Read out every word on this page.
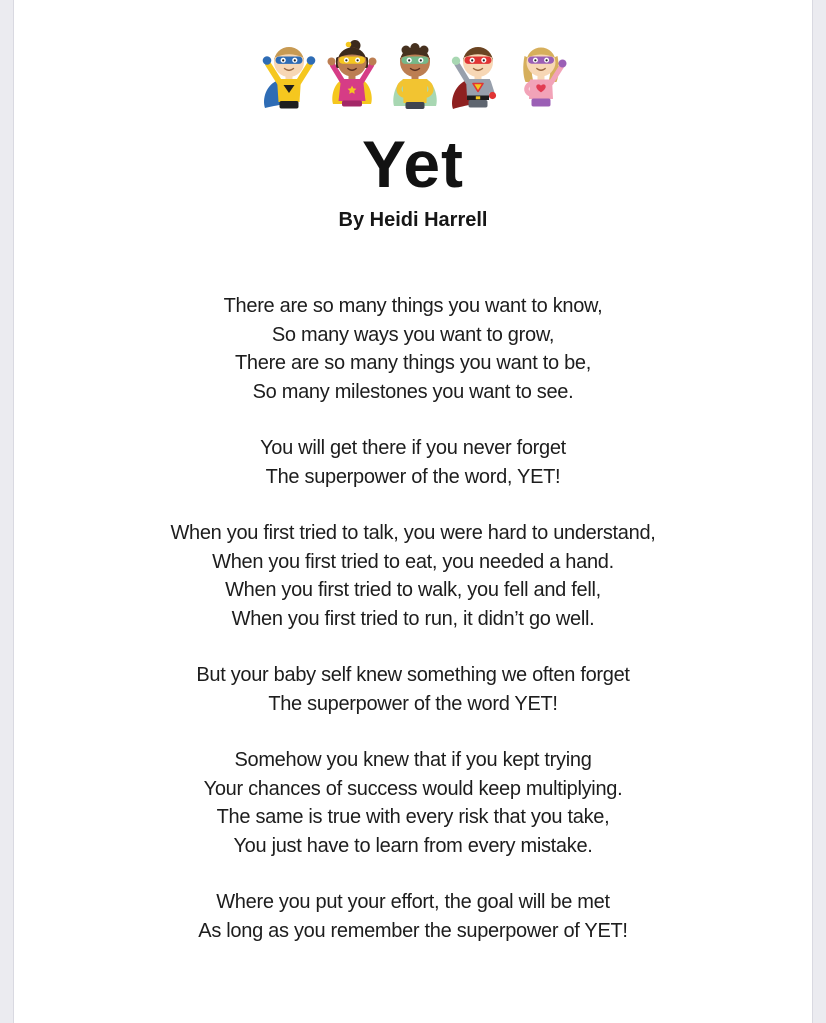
Yet
By Heidi Harrell

There are so many things you want to know,
So many ways you want to grow,
There are so many things you want to be,
So many milestones you want to see.

You will get there if you never forget
The superpower of the word, YET!

When you first tried to talk, you were hard to understand,
When you first tried to eat, you needed a hand.
When you first tried to walk, you fell and fell,
When you first tried to run, it didn’t go well.

But your baby self knew something we often forget
The superpower of the word YET!

Somehow you knew that if you kept trying
Your chances of success would keep multiplying.
The same is true with every risk that you take,
You just have to learn from every mistake.

Where you put your effort, the goal will be met
As long as you remember the superpower of YET!
